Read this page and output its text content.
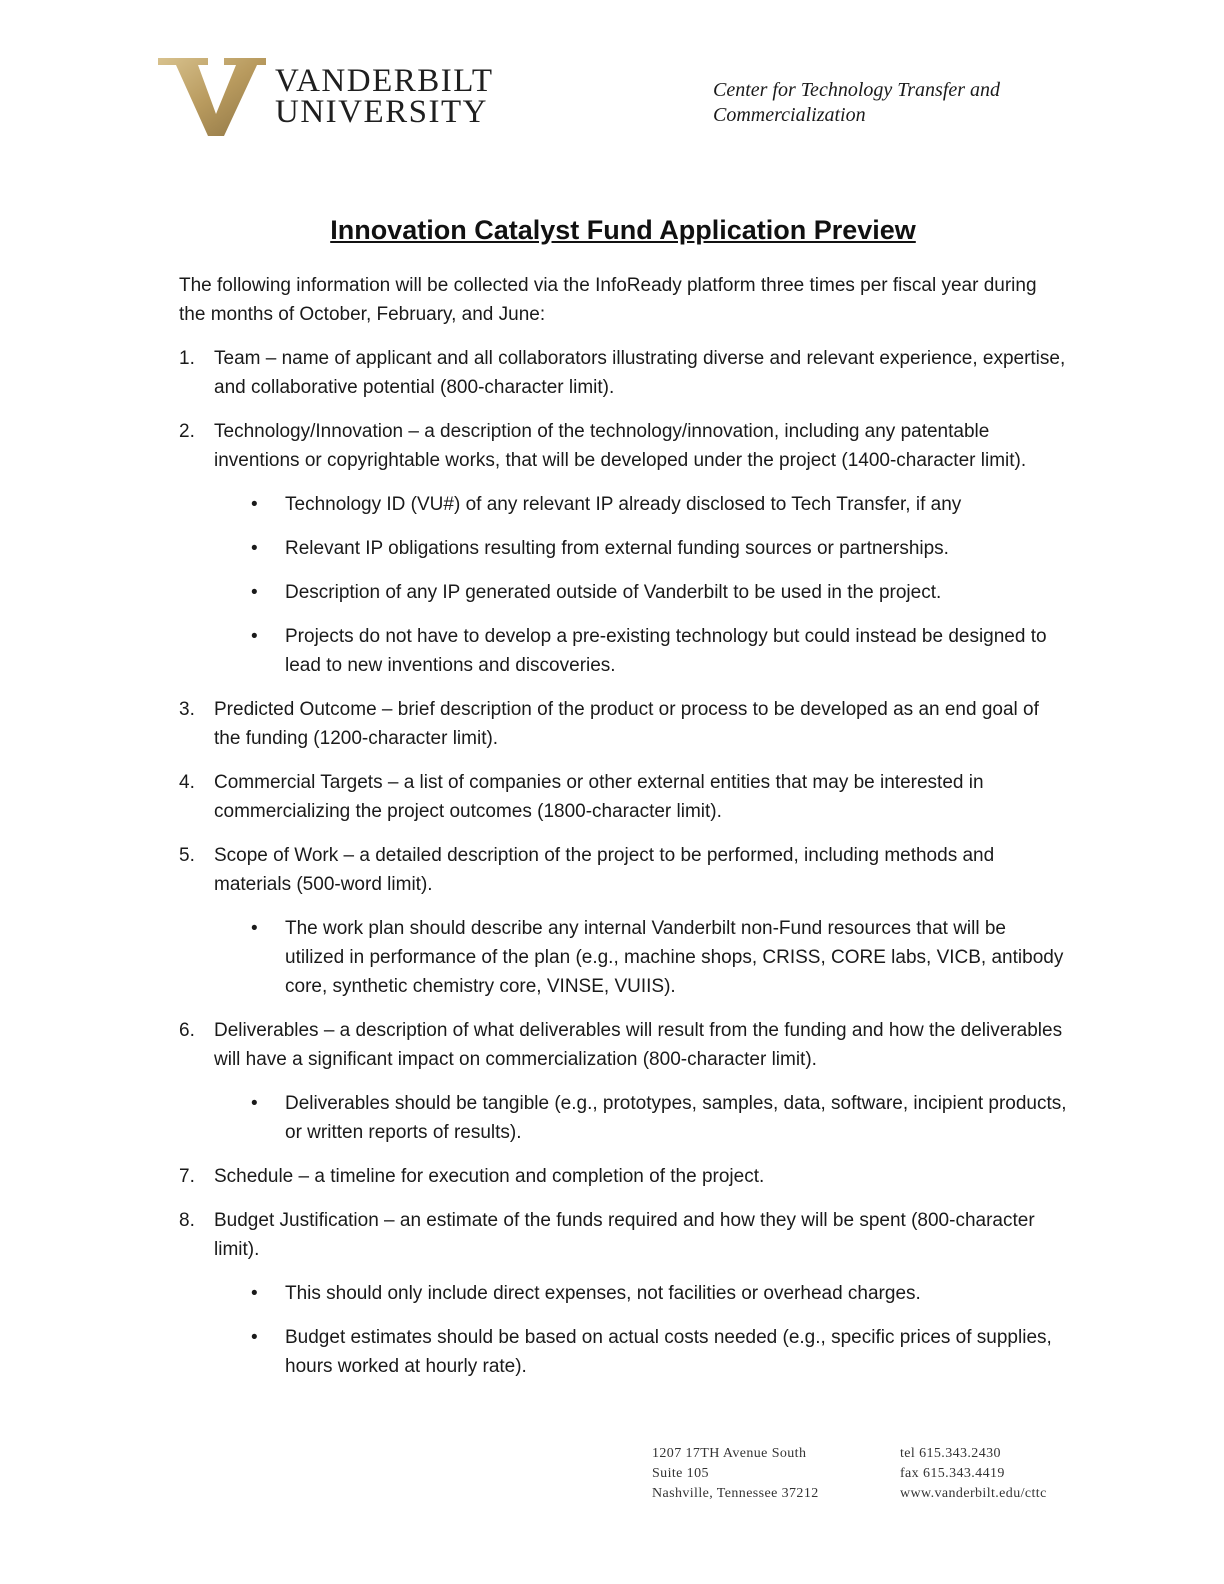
VANDERBILT
UNIVERSITY
Center for Technology Transfer and
Commercialization
Innovation Catalyst Fund Application Preview
The following information will be collected via the InfoReady platform three times per fiscal year during the months of October, February, and June:
1. Team – name of applicant and all collaborators illustrating diverse and relevant experience, expertise, and collaborative potential (800-character limit).
2. Technology/Innovation – a description of the technology/innovation, including any patentable inventions or copyrightable works, that will be developed under the project (1400-character limit).
• Technology ID (VU#) of any relevant IP already disclosed to Tech Transfer, if any
• Relevant IP obligations resulting from external funding sources or partnerships.
• Description of any IP generated outside of Vanderbilt to be used in the project.
• Projects do not have to develop a pre-existing technology but could instead be designed to lead to new inventions and discoveries.
3. Predicted Outcome – brief description of the product or process to be developed as an end goal of the funding (1200-character limit).
4. Commercial Targets – a list of companies or other external entities that may be interested in commercializing the project outcomes (1800-character limit).
5. Scope of Work – a detailed description of the project to be performed, including methods and materials (500-word limit).
• The work plan should describe any internal Vanderbilt non-Fund resources that will be utilized in performance of the plan (e.g., machine shops, CRISS, CORE labs, VICB, antibody core, synthetic chemistry core, VINSE, VUIIS).
6. Deliverables – a description of what deliverables will result from the funding and how the deliverables will have a significant impact on commercialization (800-character limit).
• Deliverables should be tangible (e.g., prototypes, samples, data, software, incipient products, or written reports of results).
7. Schedule – a timeline for execution and completion of the project.
8. Budget Justification – an estimate of the funds required and how they will be spent (800-character limit).
• This should only include direct expenses, not facilities or overhead charges.
• Budget estimates should be based on actual costs needed (e.g., specific prices of supplies, hours worked at hourly rate).
1207 17TH Avenue South
Suite 105
Nashville, Tennessee 37212
tel 615.343.2430
fax 615.343.4419
www.vanderbilt.edu/cttc
